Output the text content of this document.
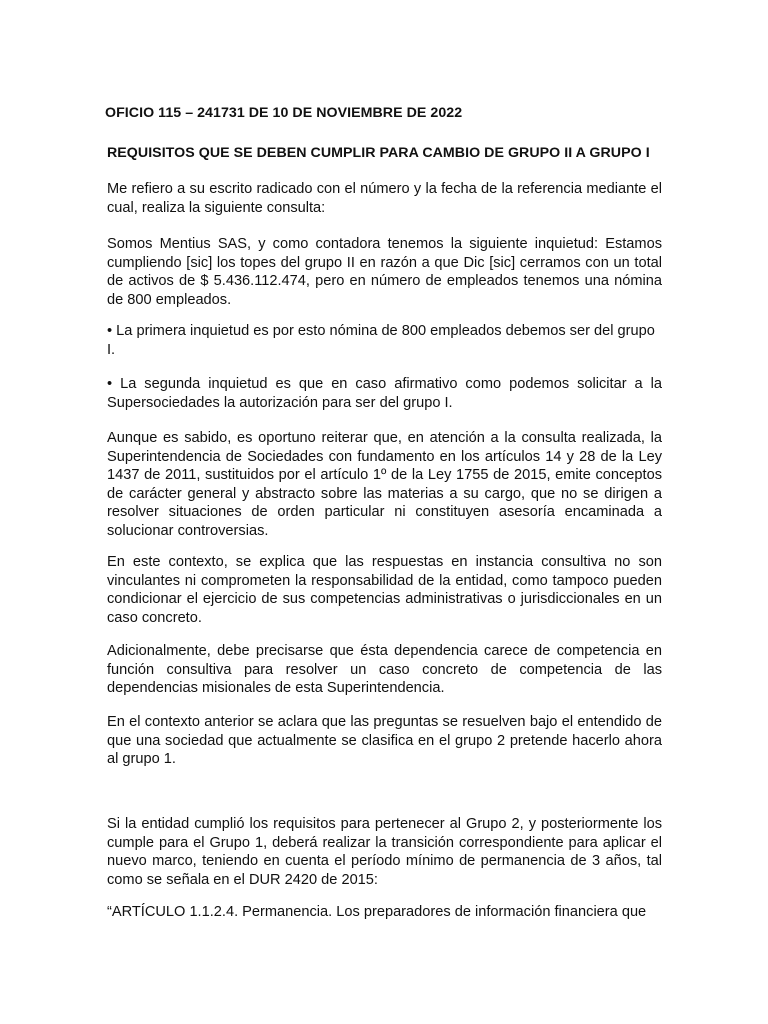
OFICIO 115 – 241731 DE 10 DE NOVIEMBRE DE 2022

REQUISITOS QUE SE DEBEN CUMPLIR PARA CAMBIO DE GRUPO II A GRUPO I

Me refiero a su escrito radicado con el número y la fecha de la referencia mediante el cual, realiza la siguiente consulta:

Somos Mentius SAS, y como contadora tenemos la siguiente inquietud: Estamos cumpliendo [sic] los topes del grupo II en razón a que Dic [sic] cerramos con un total de activos de $ 5.436.112.474, pero en número de empleados tenemos una nómina de 800 empleados.

• La primera inquietud es por esto nómina de 800 empleados debemos ser del grupo I.

• La segunda inquietud es que en caso afirmativo como podemos solicitar a la Supersociedades la autorización para ser del grupo I.

Aunque es sabido, es oportuno reiterar que, en atención a la consulta realizada, la Superintendencia de Sociedades con fundamento en los artículos 14 y 28 de la Ley 1437 de 2011, sustituidos por el artículo 1º de la Ley 1755 de 2015, emite conceptos de carácter general y abstracto sobre las materias a su cargo, que no se dirigen a resolver situaciones de orden particular ni constituyen asesoría encaminada a solucionar controversias.

En este contexto, se explica que las respuestas en instancia consultiva no son vinculantes ni comprometen la responsabilidad de la entidad, como tampoco pueden condicionar el ejercicio de sus competencias administrativas o jurisdiccionales en un caso concreto.

Adicionalmente, debe precisarse que ésta dependencia carece de competencia en función consultiva para resolver un caso concreto de competencia de las dependencias misionales de esta Superintendencia.

En el contexto anterior se aclara que las preguntas se resuelven bajo el entendido de que una sociedad que actualmente se clasifica en el grupo 2 pretende hacerlo ahora al grupo 1.

Si la entidad cumplió los requisitos para pertenecer al Grupo 2, y posteriormente los cumple para el Grupo 1, deberá realizar la transición correspondiente para aplicar el nuevo marco, teniendo en cuenta el período mínimo de permanencia de 3 años, tal como se señala en el DUR 2420 de 2015:

“ARTÍCULO 1.1.2.4. Permanencia. Los preparadores de información financiera que
